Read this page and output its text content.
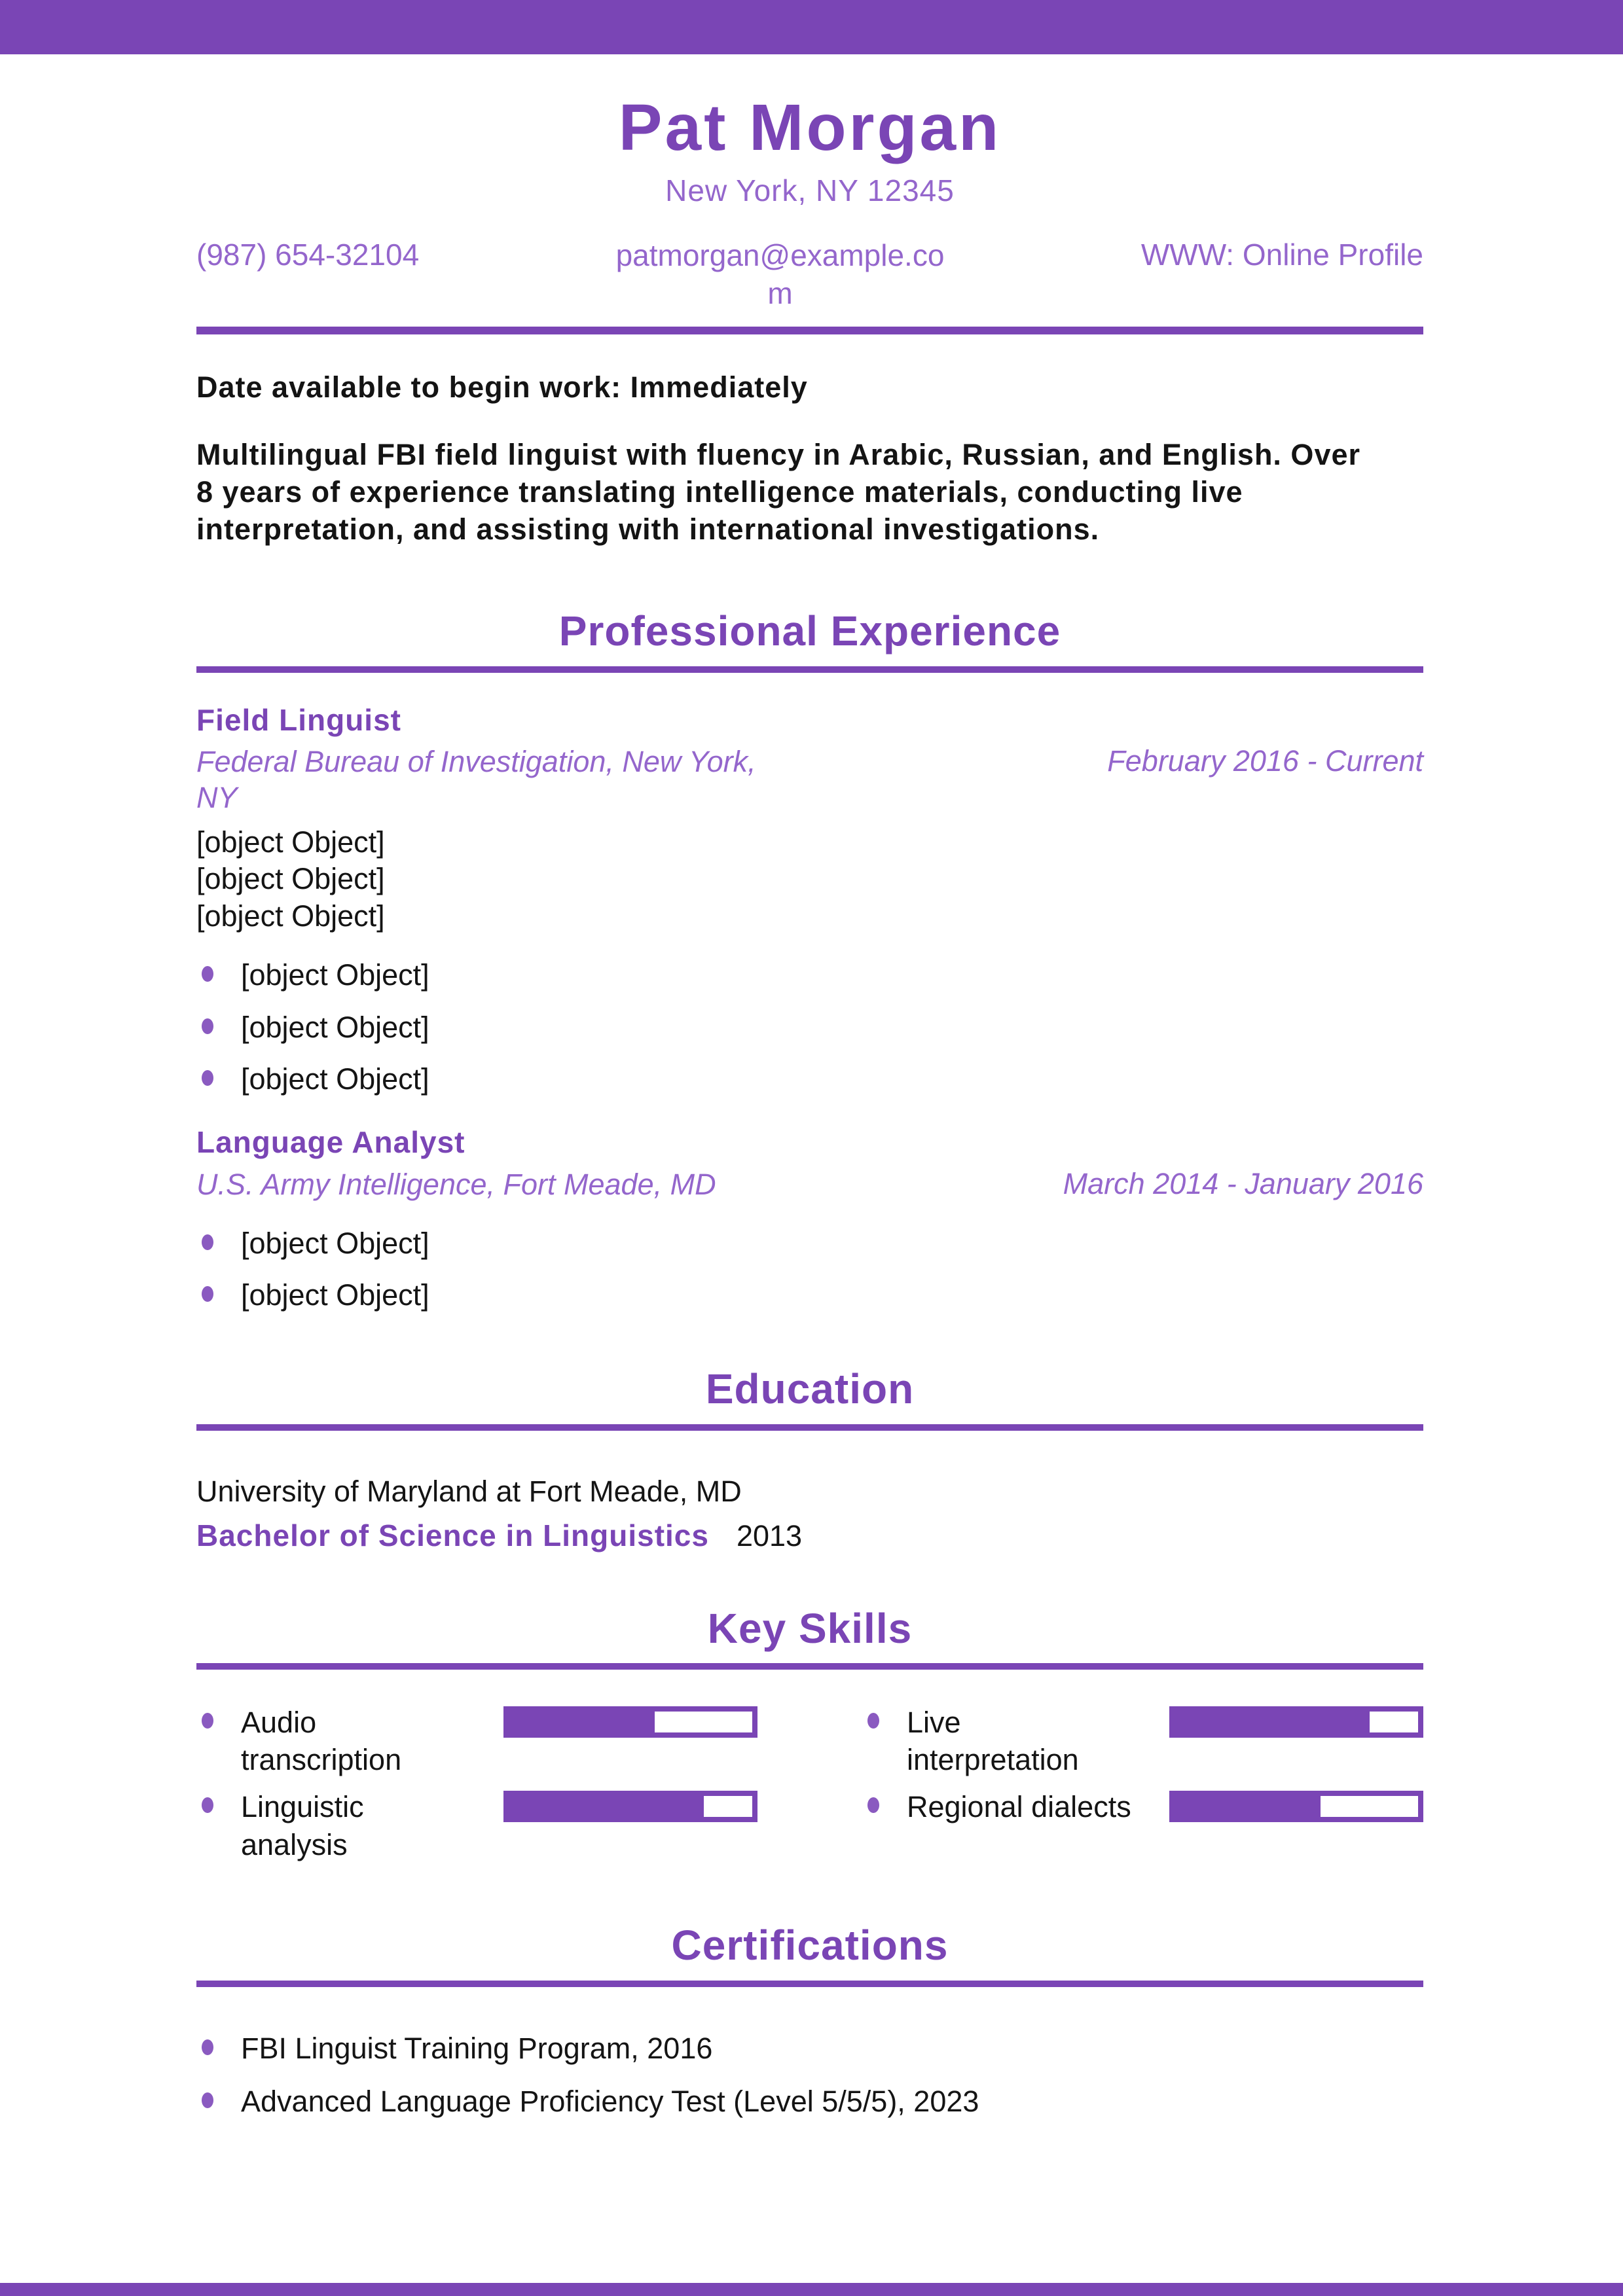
Pat Morgan
New York, NY 12345
(987) 654-32104	patmorgan@example.com
WWW: Online Profile
Date available to begin work: Immediately
Multilingual FBI field linguist with fluency in Arabic, Russian, and English. Over 8 years of experience translating intelligence materials, conducting live interpretation, and assisting with international investigations.
Professional Experience
Field Linguist
Federal Bureau of Investigation, New York, NY
February 2016 - Current
[object Object]
[object Object]
[object Object]
[object Object]
[object Object]
[object Object]
Language Analyst
U.S. Army Intelligence, Fort Meade, MD	March 2014 - January 2016
[object Object]
[object Object]
Education
University of Maryland at Fort Meade, MD
Bachelor of Science in Linguistics 2013
Key Skills
Audio transcription
Live interpretation
Linguistic analysis
Regional dialects
Certifications
FBI Linguist Training Program, 2016
Advanced Language Proficiency Test (Level 5/5/5), 2023
